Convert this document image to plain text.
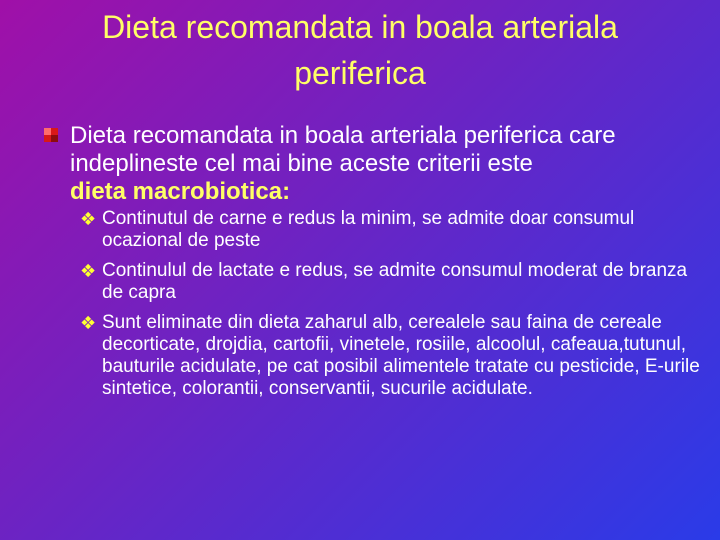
Dieta recomandata in boala arteriala periferica
Dieta recomandata in boala arteriala periferica care indeplineste cel mai bine aceste criterii este
dieta macrobiotica:
❖ Continutul de carne e redus la minim, se admite doar consumul ocazional de peste
❖ Continulul de lactate e redus, se admite consumul moderat de branza de capra
❖ Sunt eliminate din dieta zaharul alb, cerealele sau faina de cereale decorticate, drojdia, cartofii, vinetele, rosiile, alcoolul, cafeaua,tutunul, bauturile acidulate, pe cat posibil alimentele tratate cu pesticide, E-urile sintetice, colorantii, conservantii, sucurile acidulate.
